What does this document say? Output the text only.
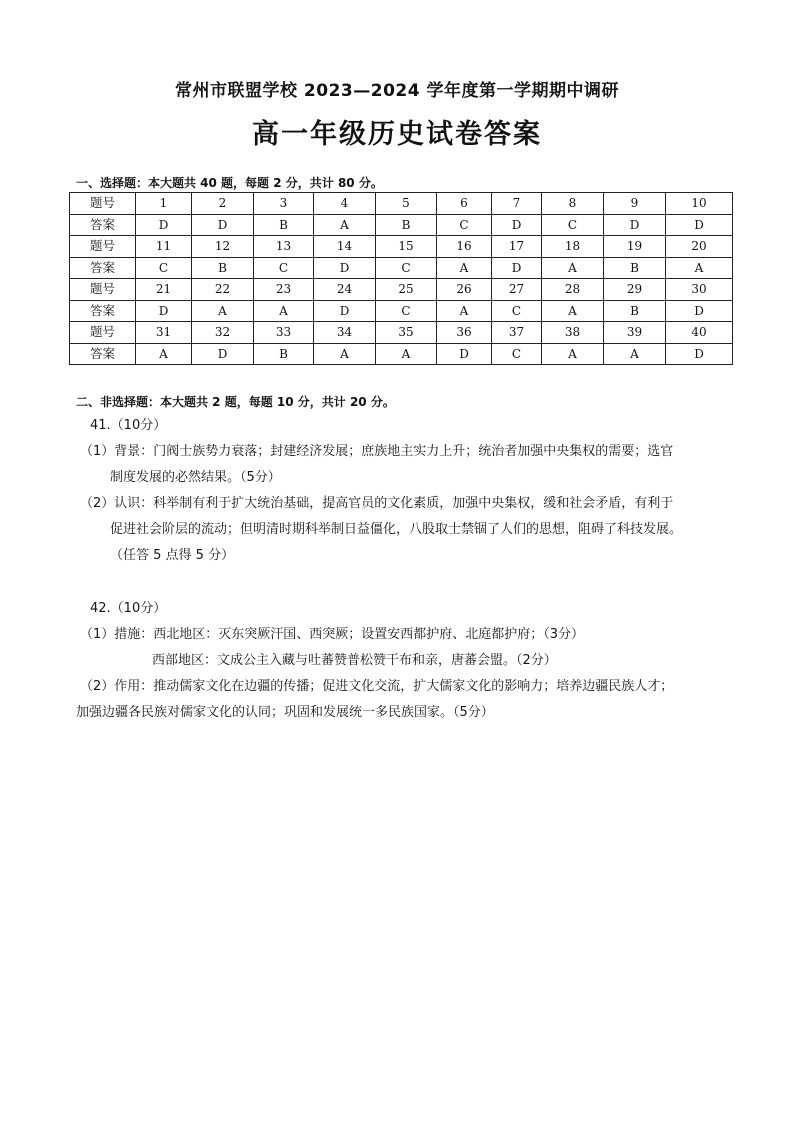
常州市联盟学校 2023—2024 学年度第一学期期中调研
高一年级历史试卷答案
一、选择题：本大题共 40 题，每题 2 分，共计 80 分。
题号	1	2	3	4	5	6	7	8	9	10
答案	D	D	B	A	B	C	D	C	D	D
题号	11	12	13	14	15	16	17	18	19	20
答案	C	B	C	D	C	A	D	A	B	A
题号	21	22	23	24	25	26	27	28	29	30
答案	D	A	A	D	C	A	C	A	B	D
题号	31	32	33	34	35	36	37	38	39	40
答案	A	D	B	A	A	D	C	A	A	D
二、非选择题：本大题共 2 题，每题 10 分，共计 20 分。
41.（10分）
（1）背景：门阀士族势力衰落；封建经济发展；庶族地主实力上升；统治者加强中央集权的需要；选官
制度发展的必然结果。（5分）
（2）认识：科举制有利于扩大统治基础，提高官员的文化素质，加强中央集权，缓和社会矛盾，有利于
促进社会阶层的流动；但明清时期科举制日益僵化，八股取士禁锢了人们的思想，阻碍了科技发展。
（任答 5 点得 5 分）
42.（10分）
（1）措施：西北地区：灭东突厥汗国、西突厥；设置安西都护府、北庭都护府；（3分）
西部地区：文成公主入藏与吐蕃赞普松赞干布和亲，唐蕃会盟。（2分）
（2）作用：推动儒家文化在边疆的传播；促进文化交流，扩大儒家文化的影响力；培养边疆民族人才；
加强边疆各民族对儒家文化的认同；巩固和发展统一多民族国家。（5分）
